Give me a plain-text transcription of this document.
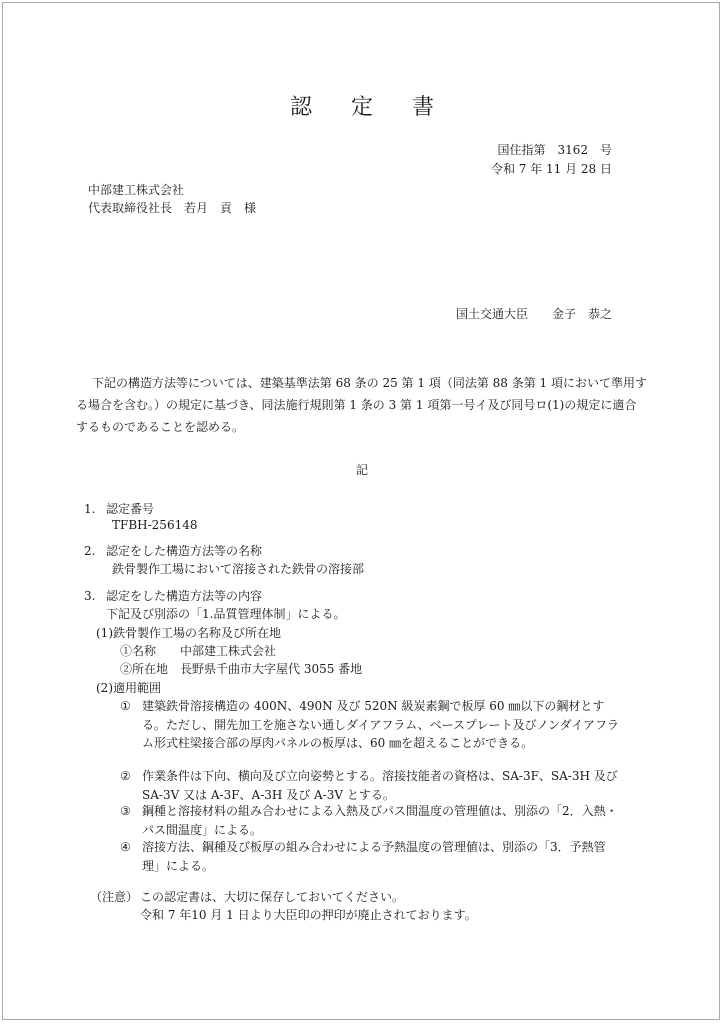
認 定 書
国住指第　3162　号
令和 7 年 11 月 28 日
中部建工株式会社
代表取締役社長　若月　貢　様
国土交通大臣　　金子　恭之
下記の構造方法等については、建築基準法第 68 条の 25 第 1 項（同法第 88 条第 1 項において準用する場合を含む。）の規定に基づき、同法施行規則第 1 条の 3 第 1 項第一号イ及び同号ロ(1)の規定に適合するものであることを認める。
記
1. 認定番号
TFBH-256148
2. 認定をした構造方法等の名称
鉄骨製作工場において溶接された鉄骨の溶接部
3. 認定をした構造方法等の内容
下記及び別添の「1.品質管理体制」による。
(1)鉄骨製作工場の名称及び所在地
①名称　　中部建工株式会社
②所在地　長野県千曲市大字屋代 3055 番地
(2)適用範囲
① 建築鉄骨溶接構造の 400N、490N 及び 520N 級炭素鋼で板厚 60 ㎜以下の鋼材とする。ただし、開先加工を施さない通しダイアフラム、ベースプレート及びノンダイアフラム形式柱梁接合部の厚肉パネルの板厚は、60 ㎜を超えることができる。
② 作業条件は下向、横向及び立向姿勢とする。溶接技能者の資格は、SA-3F、SA-3H 及び SA-3V 又は A-3F、A-3H 及び A-3V とする。
③ 鋼種と溶接材料の組み合わせによる入熱及びパス間温度の管理値は、別添の「2．入熱・パス間温度」による。
④ 溶接方法、鋼種及び板厚の組み合わせによる予熱温度の管理値は、別添の「3．予熱管理」による。
（注意） この認定書は、大切に保存しておいてください。
令和 7 年10 月 1 日より大臣印の押印が廃止されております。
